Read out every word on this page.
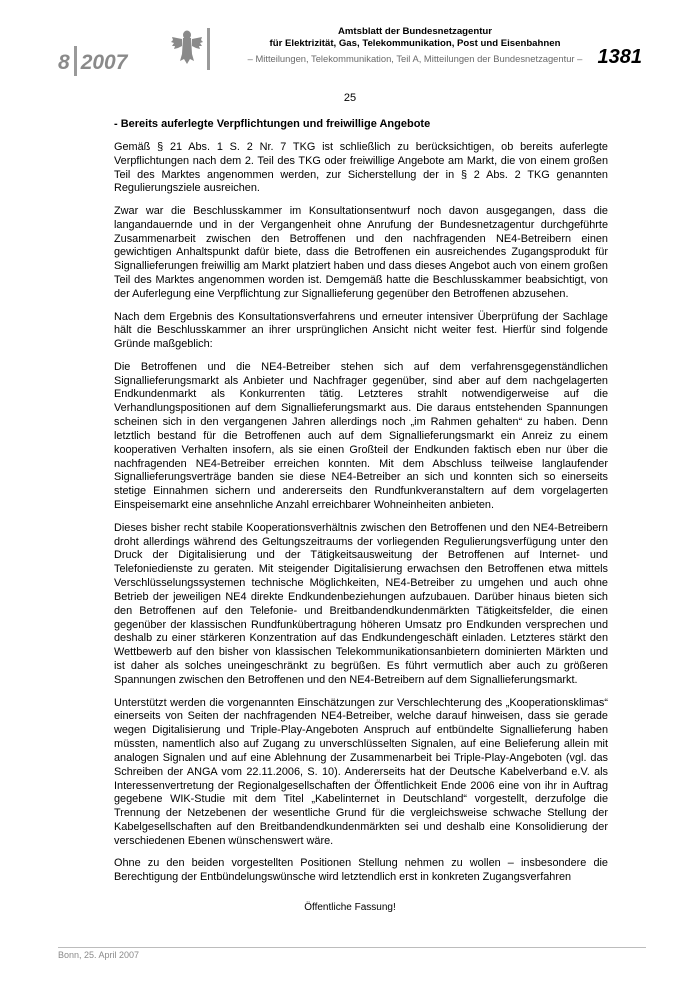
8 2007
Amtsblatt der Bundesnetzagentur
für Elektrizität, Gas, Telekommunikation, Post und Eisenbahnen
– Mitteilungen, Telekommunikation, Teil A, Mitteilungen der Bundesnetzagentur – 1381
25
- Bereits auferlegte Verpflichtungen und freiwillige Angebote

Gemäß § 21 Abs. 1 S. 2 Nr. 7 TKG ist schließlich zu berücksichtigen, ob bereits auferlegte Verpflichtungen nach dem 2. Teil des TKG oder freiwillige Angebote am Markt, die von einem großen Teil des Marktes angenommen werden, zur Sicherstellung der in § 2 Abs. 2 TKG genannten Regulierungsziele ausreichen.

Zwar war die Beschlusskammer im Konsultationsentwurf noch davon ausgegangen, dass die langandauernde und in der Vergangenheit ohne Anrufung der Bundesnetzagentur durchgeführte Zusammenarbeit zwischen den Betroffenen und den nachfragenden NE4-Betreibern einen gewichtigen Anhaltspunkt dafür biete, dass die Betroffenen ein ausreichendes Zugangsprodukt für Signallieferungen freiwillig am Markt platziert haben und dass dieses Angebot auch von einem großen Teil des Marktes angenommen worden ist. Demgemäß hatte die Beschlusskammer beabsichtigt, von der Auferlegung eine Verpflichtung zur Signallieferung gegenüber den Betroffenen abzusehen.

Nach dem Ergebnis des Konsultationsverfahrens und erneuter intensiver Überprüfung der Sachlage hält die Beschlusskammer an ihrer ursprünglichen Ansicht nicht weiter fest. Hierfür sind folgende Gründe maßgeblich:

Die Betroffenen und die NE4-Betreiber stehen sich auf dem verfahrensgegenständlichen Signallieferungsmarkt als Anbieter und Nachfrager gegenüber, sind aber auf dem nachgelagerten Endkundenmarkt als Konkurrenten tätig. Letzteres strahlt notwendigerweise auf die Verhandlungspositionen auf dem Signallieferungsmarkt aus. Die daraus entstehenden Spannungen scheinen sich in den vergangenen Jahren allerdings noch „im Rahmen gehalten“ zu haben. Denn letztlich bestand für die Betroffenen auch auf dem Signallieferungsmarkt ein Anreiz zu einem kooperativen Verhalten insofern, als sie einen Großteil der Endkunden faktisch eben nur über die nachfragenden NE4-Betreiber erreichen konnten. Mit dem Abschluss teilweise langlaufender Signallieferungsverträge banden sie diese NE4-Betreiber an sich und konnten sich so einerseits stetige Einnahmen sichern und andererseits den Rundfunkveranstaltern auf dem vorgelagerten Einspeisemarkt eine ansehnliche Anzahl erreichbarer Wohneinheiten anbieten.

Dieses bisher recht stabile Kooperationsverhältnis zwischen den Betroffenen und den NE4-Betreibern droht allerdings während des Geltungszeitraums der vorliegenden Regulierungsverfügung unter den Druck der Digitalisierung und der Tätigkeitsausweitung der Betroffenen auf Internet- und Telefoniedienste zu geraten. Mit steigender Digitalisierung erwachsen den Betroffenen etwa mittels Verschlüsselungssystemen technische Möglichkeiten, NE4-Betreiber zu umgehen und auch ohne Betrieb der jeweiligen NE4 direkte Endkundenbeziehungen aufzubauen. Darüber hinaus bieten sich den Betroffenen auf den Telefonie- und Breitbandendkundenmärkten Tätigkeitsfelder, die einen gegenüber der klassischen Rundfunkübertragung höheren Umsatz pro Endkunden versprechen und deshalb zu einer stärkeren Konzentration auf das Endkundengeschäft einladen. Letzteres stärkt den Wettbewerb auf den bisher von klassischen Telekommunikationsanbietern dominierten Märkten und ist daher als solches uneingeschränkt zu begrüßen. Es führt vermutlich aber auch zu größeren Spannungen zwischen den Betroffenen und den NE4-Betreibern auf dem Signallieferungsmarkt.

Unterstützt werden die vorgenannten Einschätzungen zur Verschlechterung des „Kooperationsklimas“ einerseits von Seiten der nachfragenden NE4-Betreiber, welche darauf hinweisen, dass sie gerade wegen Digitalisierung und Triple-Play-Angeboten Anspruch auf entbündelte Signallieferung haben müssten, namentlich also auf Zugang zu unverschlüsselten Signalen, auf eine Belieferung allein mit analogen Signalen und auf eine Ablehnung der Zusammenarbeit bei Triple-Play-Angeboten (vgl. das Schreiben der ANGA vom 22.11.2006, S. 10). Andererseits hat der Deutsche Kabelverband e.V. als Interessenvertretung der Regionalgesellschaften der Öffentlichkeit Ende 2006 eine von ihr in Auftrag gegebene WIK-Studie mit dem Titel „Kabelinternet in Deutschland“ vorgestellt, derzufolge die Trennung der Netzebenen der wesentliche Grund für die vergleichsweise schwache Stellung der Kabelgesellschaften auf den Breitbandendkundenmärkten sei und deshalb eine Konsolidierung der verschiedenen Ebenen wünschenswert wäre.

Ohne zu den beiden vorgestellten Positionen Stellung nehmen zu wollen – insbesondere die Berechtigung der Entbündelungswünsche wird letztendlich erst in konkreten Zugangsverfahren

Öffentliche Fassung!
Bonn, 25. April 2007
